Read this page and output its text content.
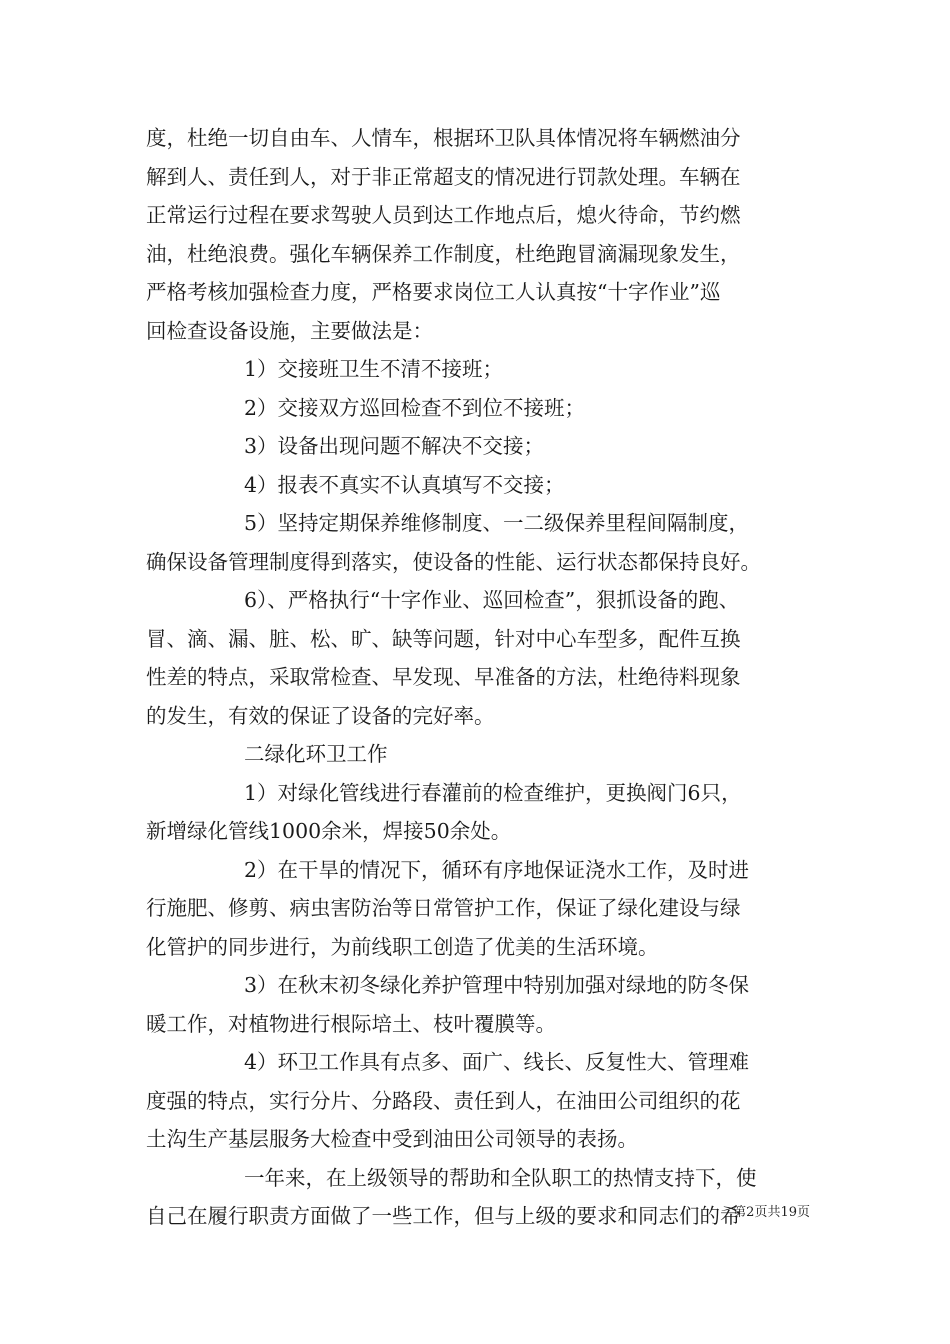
度，杜绝一切自由车、人情车，根据环卫队具体情况将车辆燃油分
解到人、责任到人，对于非正常超支的情况进行罚款处理。车辆在
正常运行过程在要求驾驶人员到达工作地点后，熄火待命，节约燃
油，杜绝浪费。强化车辆保养工作制度，杜绝跑冒滴漏现象发生，
严格考核加强检查力度，严格要求岗位工人认真按“十字作业”巡
回检查设备设施，主要做法是：
1）交接班卫生不清不接班；
2）交接双方巡回检查不到位不接班；
3）设备出现问题不解决不交接；
4）报表不真实不认真填写不交接；
5）坚持定期保养维修制度、一二级保养里程间隔制度，
确保设备管理制度得到落实，使设备的性能、运行状态都保持良好。
6）、严格执行“十字作业、巡回检查”，狠抓设备的跑、
冒、滴、漏、脏、松、旷、缺等问题，针对中心车型多，配件互换
性差的特点，采取常检查、早发现、早准备的方法，杜绝待料现象
的发生，有效的保证了设备的完好率。
二绿化环卫工作
1）对绿化管线进行春灌前的检查维护，更换阀门6只，
新增绿化管线1000余米，焊接50余处。
2）在干旱的情况下，循环有序地保证浇水工作，及时进
行施肥、修剪、病虫害防治等日常管护工作，保证了绿化建设与绿
化管护的同步进行，为前线职工创造了优美的生活环境。
3）在秋末初冬绿化养护管理中特别加强对绿地的防冬保
暖工作，对植物进行根际培土、枝叶覆膜等。
4）环卫工作具有点多、面广、线长、反复性大、管理难
度强的特点，实行分片、分路段、责任到人，在油田公司组织的花
土沟生产基层服务大检查中受到油田公司领导的表扬。
一年来，在上级领导的帮助和全队职工的热情支持下，使
自己在履行职责方面做了一些工作，但与上级的要求和同志们的希
第2页共19页
